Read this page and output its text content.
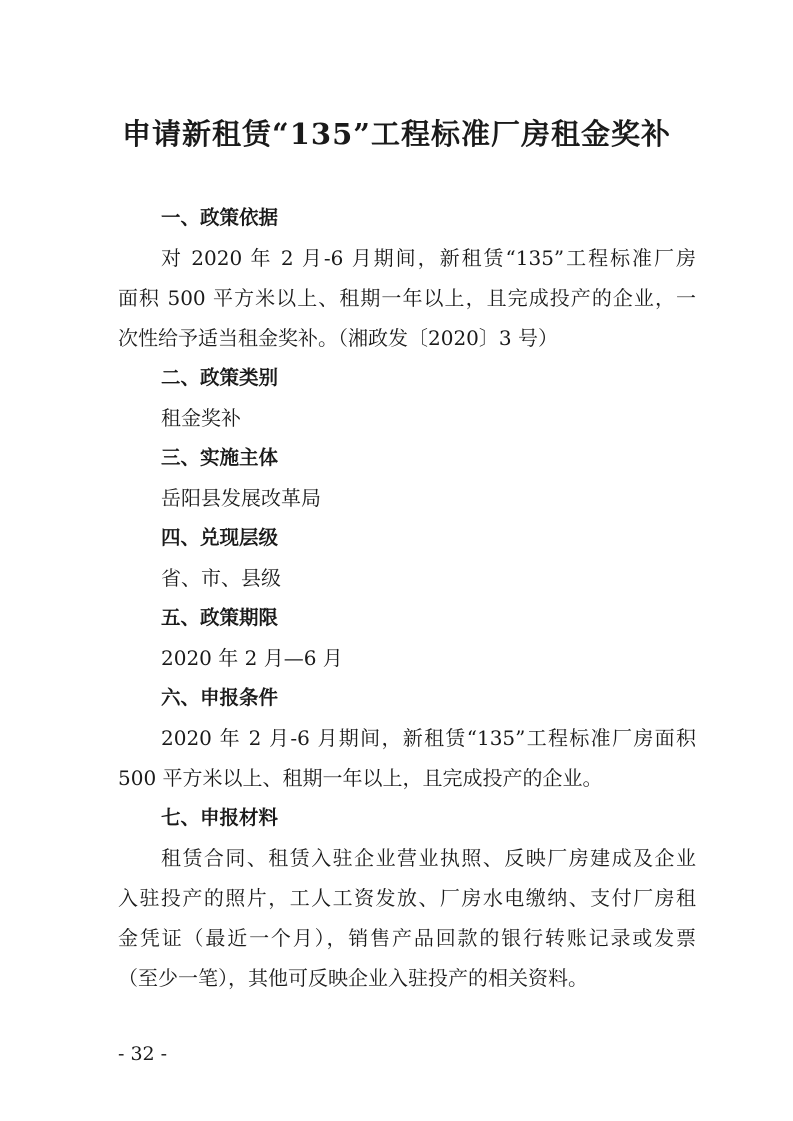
申请新租赁“135”工程标准厂房租金奖补
一、政策依据
对 2020 年 2 月-6 月期间，新租赁“135”工程标准厂房
面积 500 平方米以上、租期一年以上，且完成投产的企业，一
次性给予适当租金奖补。（湘政发〔2020〕3 号）
二、政策类别
租金奖补
三、实施主体
岳阳县发展改革局
四、兑现层级
省、市、县级
五、政策期限
2020 年 2 月—6 月
六、申报条件
2020 年 2 月-6 月期间，新租赁“135”工程标准厂房面积
500 平方米以上、租期一年以上，且完成投产的企业。
七、申报材料
租赁合同、租赁入驻企业营业执照、反映厂房建成及企业
入驻投产的照片，工人工资发放、厂房水电缴纳、支付厂房租
金凭证（最近一个月），销售产品回款的银行转账记录或发票
（至少一笔），其他可反映企业入驻投产的相关资料。
- 32 -
